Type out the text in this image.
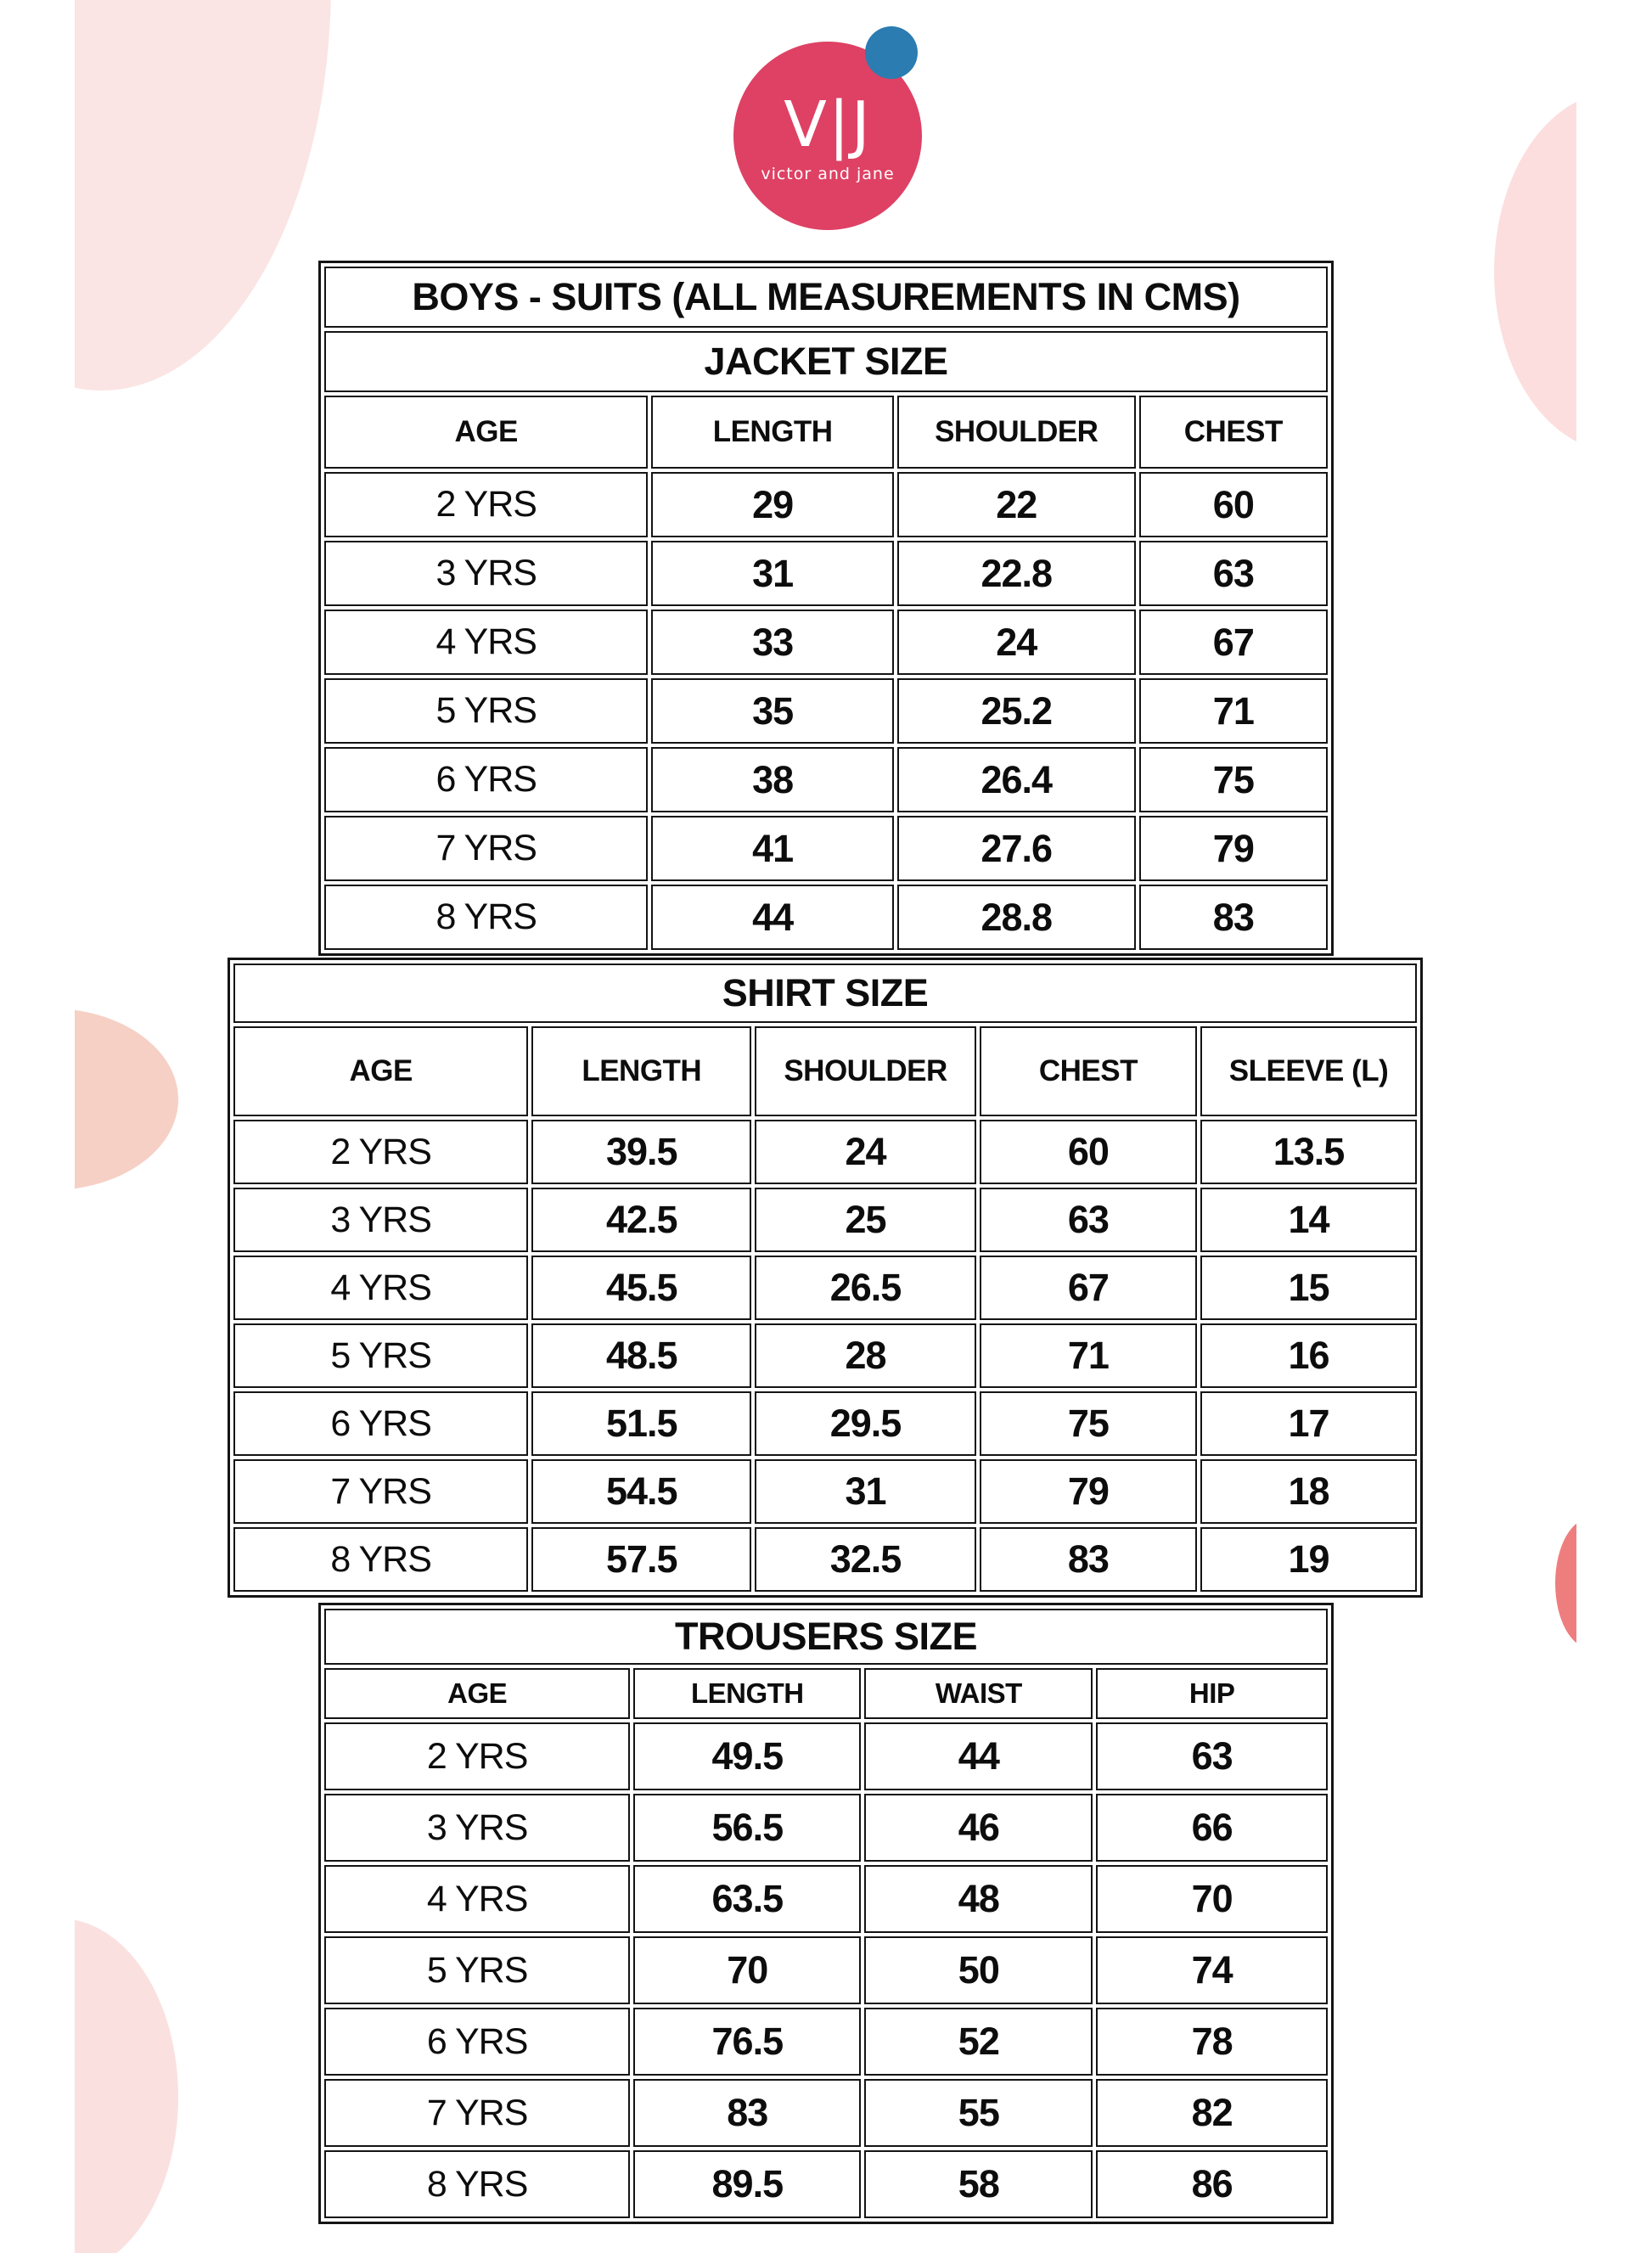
V|J
victor and jane
BOYS - SUITS (ALL MEASUREMENTS IN CMS)			
JACKET SIZE			
AGE	LENGTH	SHOULDER	CHEST
2 YRS	29	22	60
3 YRS	31	22.8	63
4 YRS	33	24	67
5 YRS	35	25.2	71
6 YRS	38	26.4	75
7 YRS	41	27.6	79
8 YRS	44	28.8	83
SHIRT SIZE				
AGE	LENGTH	SHOULDER	CHEST	SLEEVE (L)
2 YRS	39.5	24	60	13.5
3 YRS	42.5	25	63	14
4 YRS	45.5	26.5	67	15
5 YRS	48.5	28	71	16
6 YRS	51.5	29.5	75	17
7 YRS	54.5	31	79	18
8 YRS	57.5	32.5	83	19
TROUSERS SIZE			
AGE	LENGTH	WAIST	HIP
2 YRS	49.5	44	63
3 YRS	56.5	46	66
4 YRS	63.5	48	70
5 YRS	70	50	74
6 YRS	76.5	52	78
7 YRS	83	55	82
8 YRS	89.5	58	86
